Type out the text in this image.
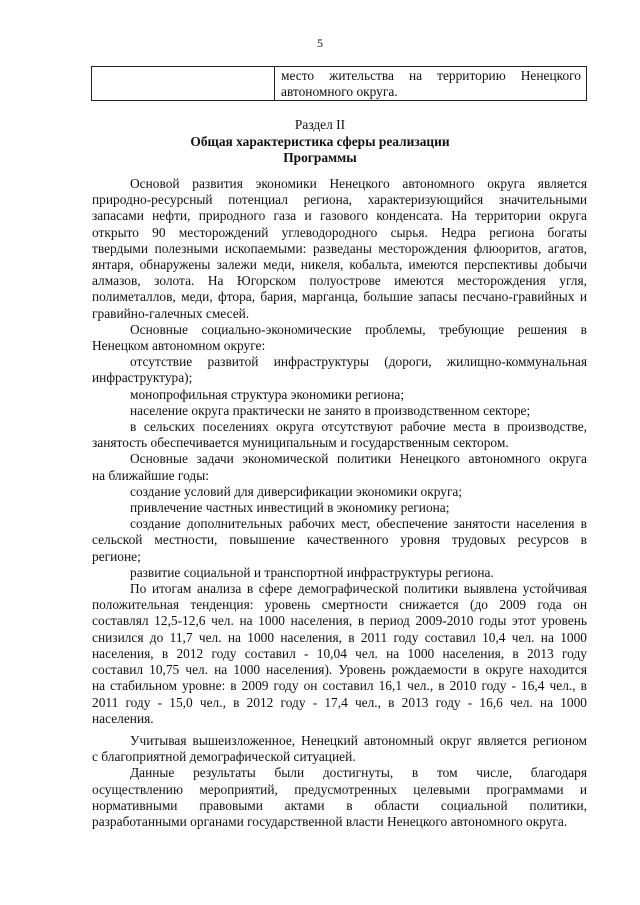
5

место жительства на территорию Ненецкого
автономного округа.
Раздел II
Общая характеристика сферы реализации
Программы
Основой развития экономики Ненецкого автономного округа является
природно-ресурсный потенциал региона, характеризующийся значительными
запасами нефти, природного газа и газового конденсата. На территории округа
открыто 90 месторождений углеводородного сырья. Недра региона богаты
твердыми полезными ископаемыми: разведаны месторождения флюоритов, агатов,
янтаря, обнаружены залежи меди, никеля, кобальта, имеются перспективы добычи
алмазов, золота. На Югорском полуострове имеются месторождения угля,
полиметаллов, меди, фтора, бария, марганца, большие запасы песчано-гравийных и
гравийно-галечных смесей.
Основные социально-экономические проблемы, требующие решения в
Ненецком автономном округе:
отсутствие развитой инфраструктуры (дороги, жилищно-коммунальная
инфраструктура);
монопрофильная структура экономики региона;
население округа практически не занято в производственном секторе;
в сельских поселениях округа отсутствуют рабочие места в производстве,
занятость обеспечивается муниципальным и государственным сектором.
Основные задачи экономической политики Ненецкого автономного округа
на ближайшие годы:
создание условий для диверсификации экономики округа;
привлечение частных инвестиций в экономику региона;
создание дополнительных рабочих мест, обеспечение занятости населения в
сельской местности, повышение качественного уровня трудовых ресурсов в
регионе;
развитие социальной и транспортной инфраструктуры региона.
По итогам анализа в сфере демографической политики выявлена устойчивая
положительная тенденция: уровень смертности снижается (до 2009 года он
составлял 12,5-12,6 чел. на 1000 населения, в период 2009-2010 годы этот уровень
снизился до 11,7 чел. на 1000 населения, в 2011 году составил 10,4 чел. на 1000
населения, в 2012 году составил - 10,04 чел. на 1000 населения, в 2013 году
составил 10,75 чел. на 1000 населения). Уровень рождаемости в округе находится
на стабильном уровне: в 2009 году он составил 16,1 чел., в 2010 году - 16,4 чел., в
2011 году - 15,0 чел., в 2012 году - 17,4 чел., в 2013 году - 16,6 чел. на 1000
населения.
Учитывая вышеизложенное, Ненецкий автономный округ является регионом
с благоприятной демографической ситуацией.
Данные результаты были достигнуты, в том числе, благодаря
осуществлению мероприятий, предусмотренных целевыми программами и
нормативными правовыми актами в области социальной политики,
разработанными органами государственной власти Ненецкого автономного округа.
